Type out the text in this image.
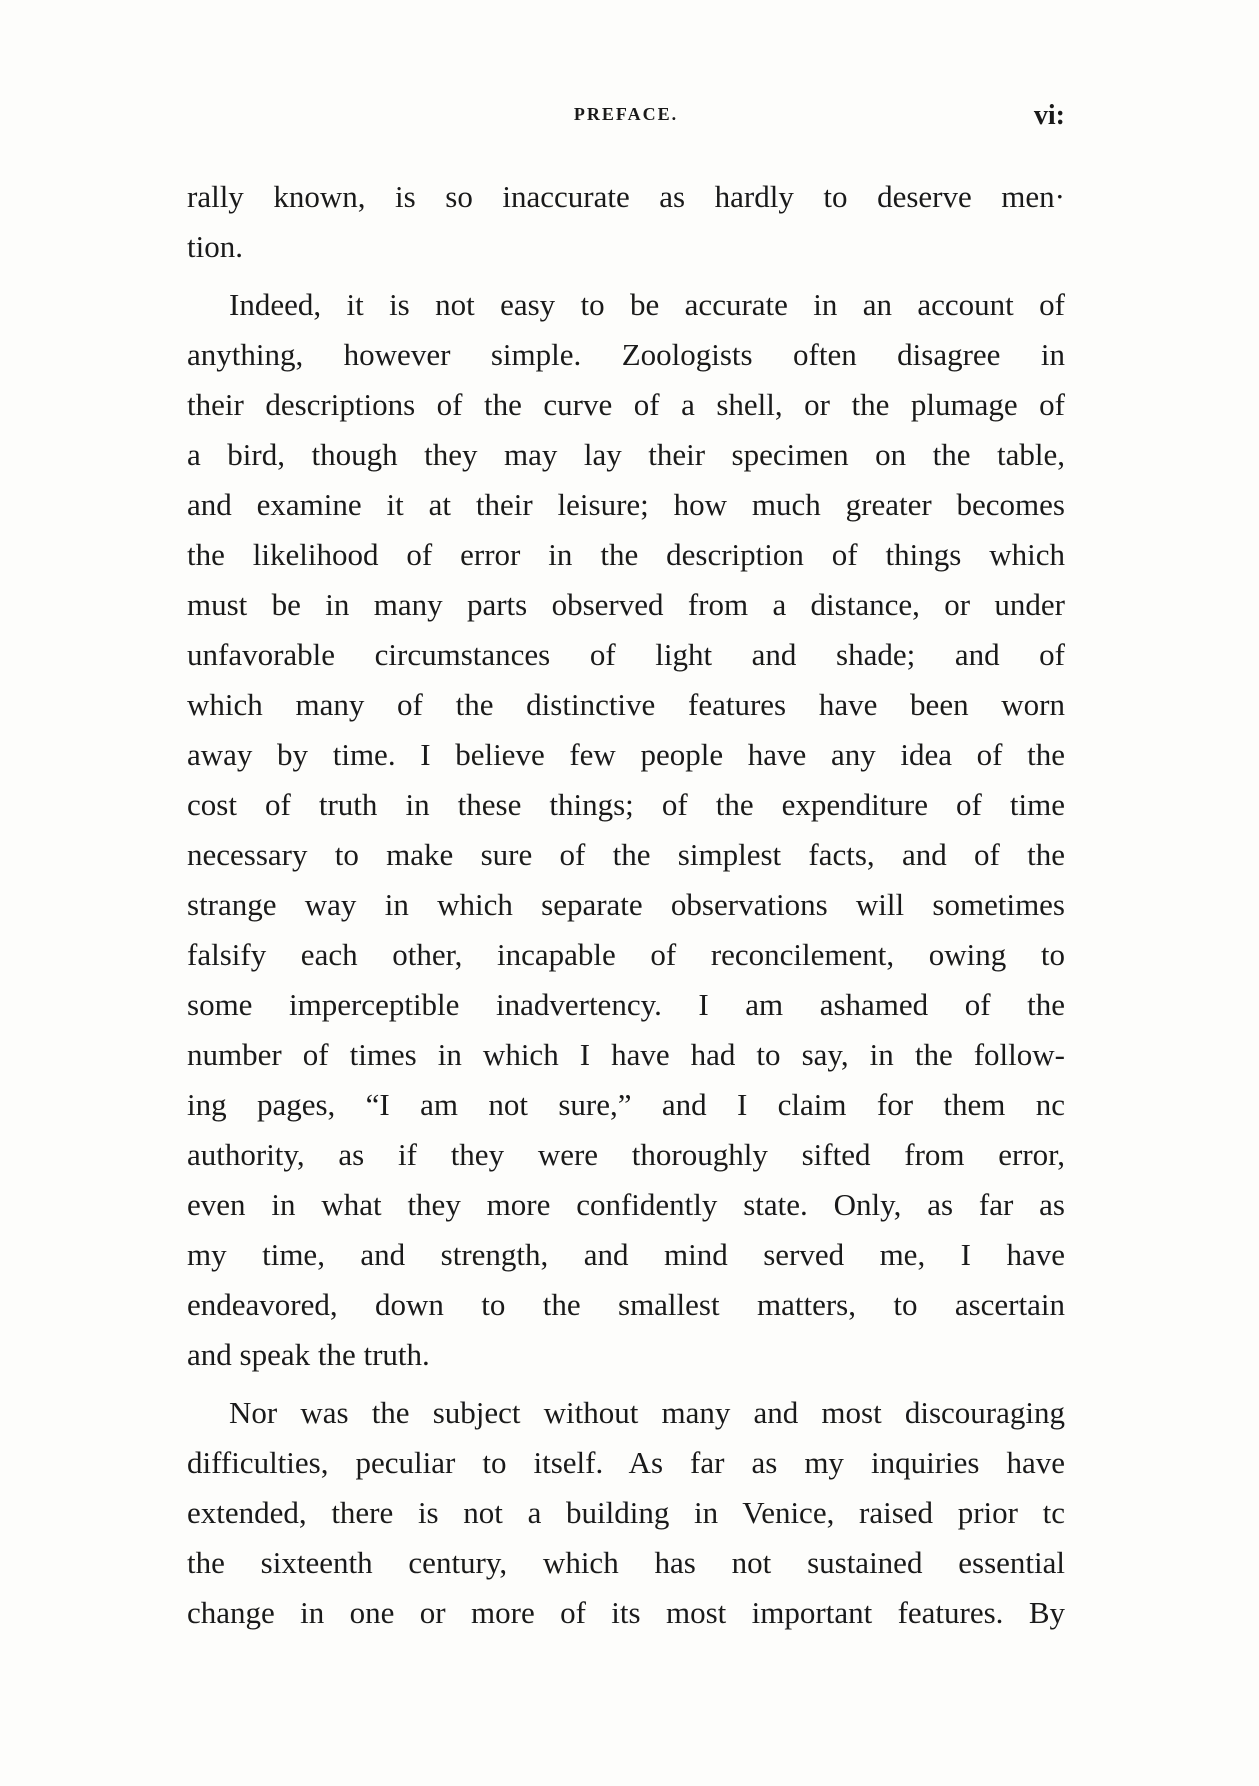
PREFACE.	vi:
rally known, is so inaccurate as hardly to deserve men·
tion.
Indeed, it is not easy to be accurate in an account of
anything, however simple. Zoologists often disagree in
their descriptions of the curve of a shell, or the plumage of
a bird, though they may lay their specimen on the table,
and examine it at their leisure; how much greater becomes
the likelihood of error in the description of things which
must be in many parts observed from a distance, or under
unfavorable circumstances of light and shade; and of
which many of the distinctive features have been worn
away by time. I believe few people have any idea of the
cost of truth in these things; of the expenditure of time
necessary to make sure of the simplest facts, and of the
strange way in which separate observations will sometimes
falsify each other, incapable of reconcilement, owing to
some imperceptible inadvertency. I am ashamed of the
number of times in which I have had to say, in the follow-
ing pages, “I am not sure,” and I claim for them nc
authority, as if they were thoroughly sifted from error,
even in what they more confidently state. Only, as far as
my time, and strength, and mind served me, I have
endeavored, down to the smallest matters, to ascertain
and speak the truth.
Nor was the subject without many and most discouraging
difficulties, peculiar to itself. As far as my inquiries have
extended, there is not a building in Venice, raised prior tc
the sixteenth century, which has not sustained essential
change in one or more of its most important features. By
